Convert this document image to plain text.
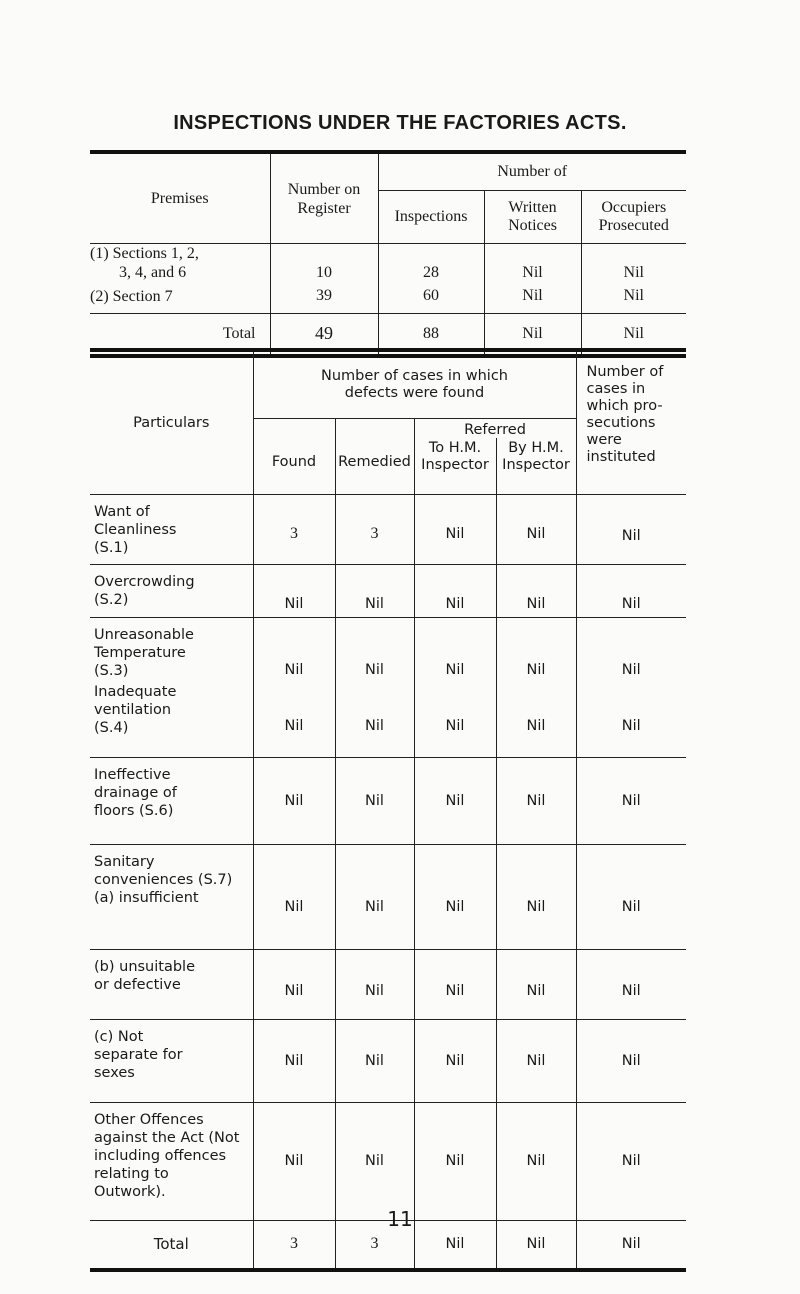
INSPECTIONS UNDER THE FACTORIES ACTS.
Premises	Number on Register	Number of		
		Inspections	Written Notices	Occupiers Prosecuted

(1) Sections 1, 2,
3, 4, and 6	10	28	Nil	Nil
(2) Section 7	39	60	Nil	Nil
Total	49	88	Nil	Nil
Particulars	Number of cases in which defects were found				Number of cases in which pro- secutions were instituted
	Found	Remedied	Referred		
			To H.M. Inspector	By H.M. Inspector	
Want of Cleanliness (S.1)	3	3	Nil	Nil	Nil
Overcrowding (S.2)	Nil	Nil	Nil	Nil	Nil
Unreasonable Temperature (S.3)	Nil	Nil	Nil	Nil	Nil
Inadequate ventilation (S.4)	Nil	Nil	Nil	Nil	Nil
Ineffective drainage of floors (S.6)	Nil	Nil	Nil	Nil	Nil
Sanitary conveniences (S.7) (a) insufficient	Nil	Nil	Nil	Nil	Nil
(b) unsuitable or defective	Nil	Nil	Nil	Nil	Nil
(c) Not separate for sexes	Nil	Nil	Nil	Nil	Nil
Other Offences against the Act (Not including offences relating to Outwork).	Nil	Nil	Nil	Nil	Nil
Total	3	3	Nil	Nil	Nil
11
